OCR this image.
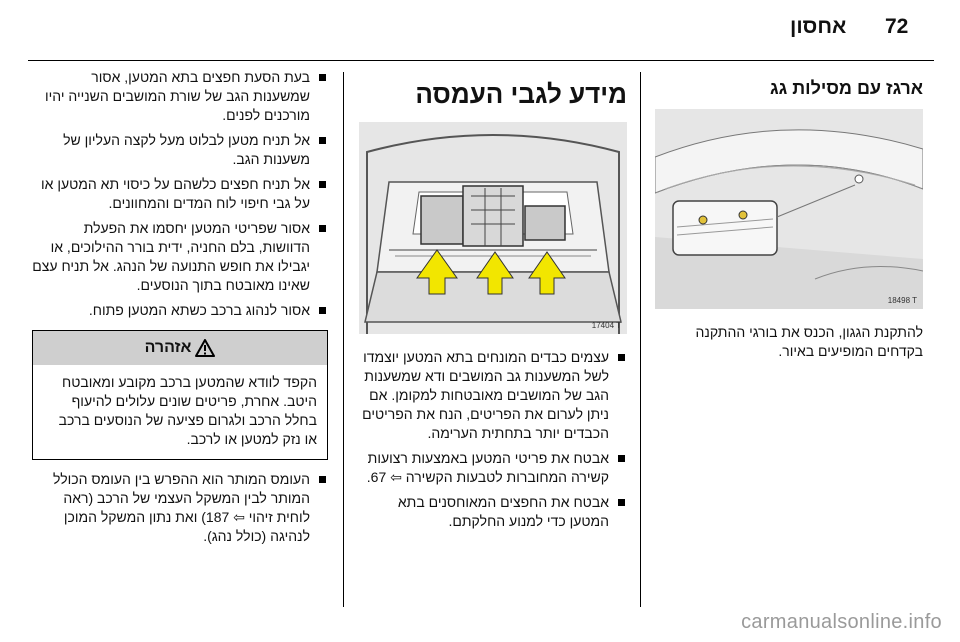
72
אחסון
ארגז עם מסילות גג
18498 T
להתקנת הגגון, הכנס את בורגי ההתקנה בקדחים המופיעים באיור.
מידע לגבי העמסה
17404 T
עצמים כבדים המונחים בתא המטען יוצמדו לשל המשענות גב המושבים ודא שמשענות הגב של המושבים מאובטחות למקומן. אם ניתן לערום את הפריטים, הנח את הפריטים הכבדים יותר בתחתית הערימה.
אבטח את פריטי המטען באמצעות רצועות קשירה המחוברות לטבעות הקשירה ⇦ 67.
אבטח את החפצים המאוחסנים בתא המטען כדי למנוע החלקתם.
בעת הסעת חפצים בתא המטען, אסור שמשענות הגב של שורת המושבים השנייה יהיו מורכנים לפנים.
אל תניח מטען לבלוט מעל לקצה העליון של משענות הגב.
אל תניח חפצים כלשהם על כיסוי תא המטען או על גבי חיפוי לוח המדים והמחוונים.
אסור שפריטי המטען יחסמו את הפעלת הדוושות, בלם החניה, ידית בורר ההילוכים, או יגבילו את חופש התנועה של הנהג. אל תניח עצם שאינו מאובטח בתוך הנוסעים.
אסור לנהוג ברכב כשתא המטען פתוח.
אזהרה
הקפד לוודא שהמטען ברכב מקובע ומאובטח היטב. אחרת, פריטים שונים עלולים להיעוף בחלל הרכב ולגרום פציעה של הנוסעים ברכב או נזק למטען או לרכב.
העומס המותר הוא ההפרש בין העומס הכולל המותר לבין המשקל העצמי של הרכב (ראה לוחית זיהוי ⇦ 187) ואת נתון המשקל המוכן לנהיגה (כולל נהג).
carmanualsonline.info
